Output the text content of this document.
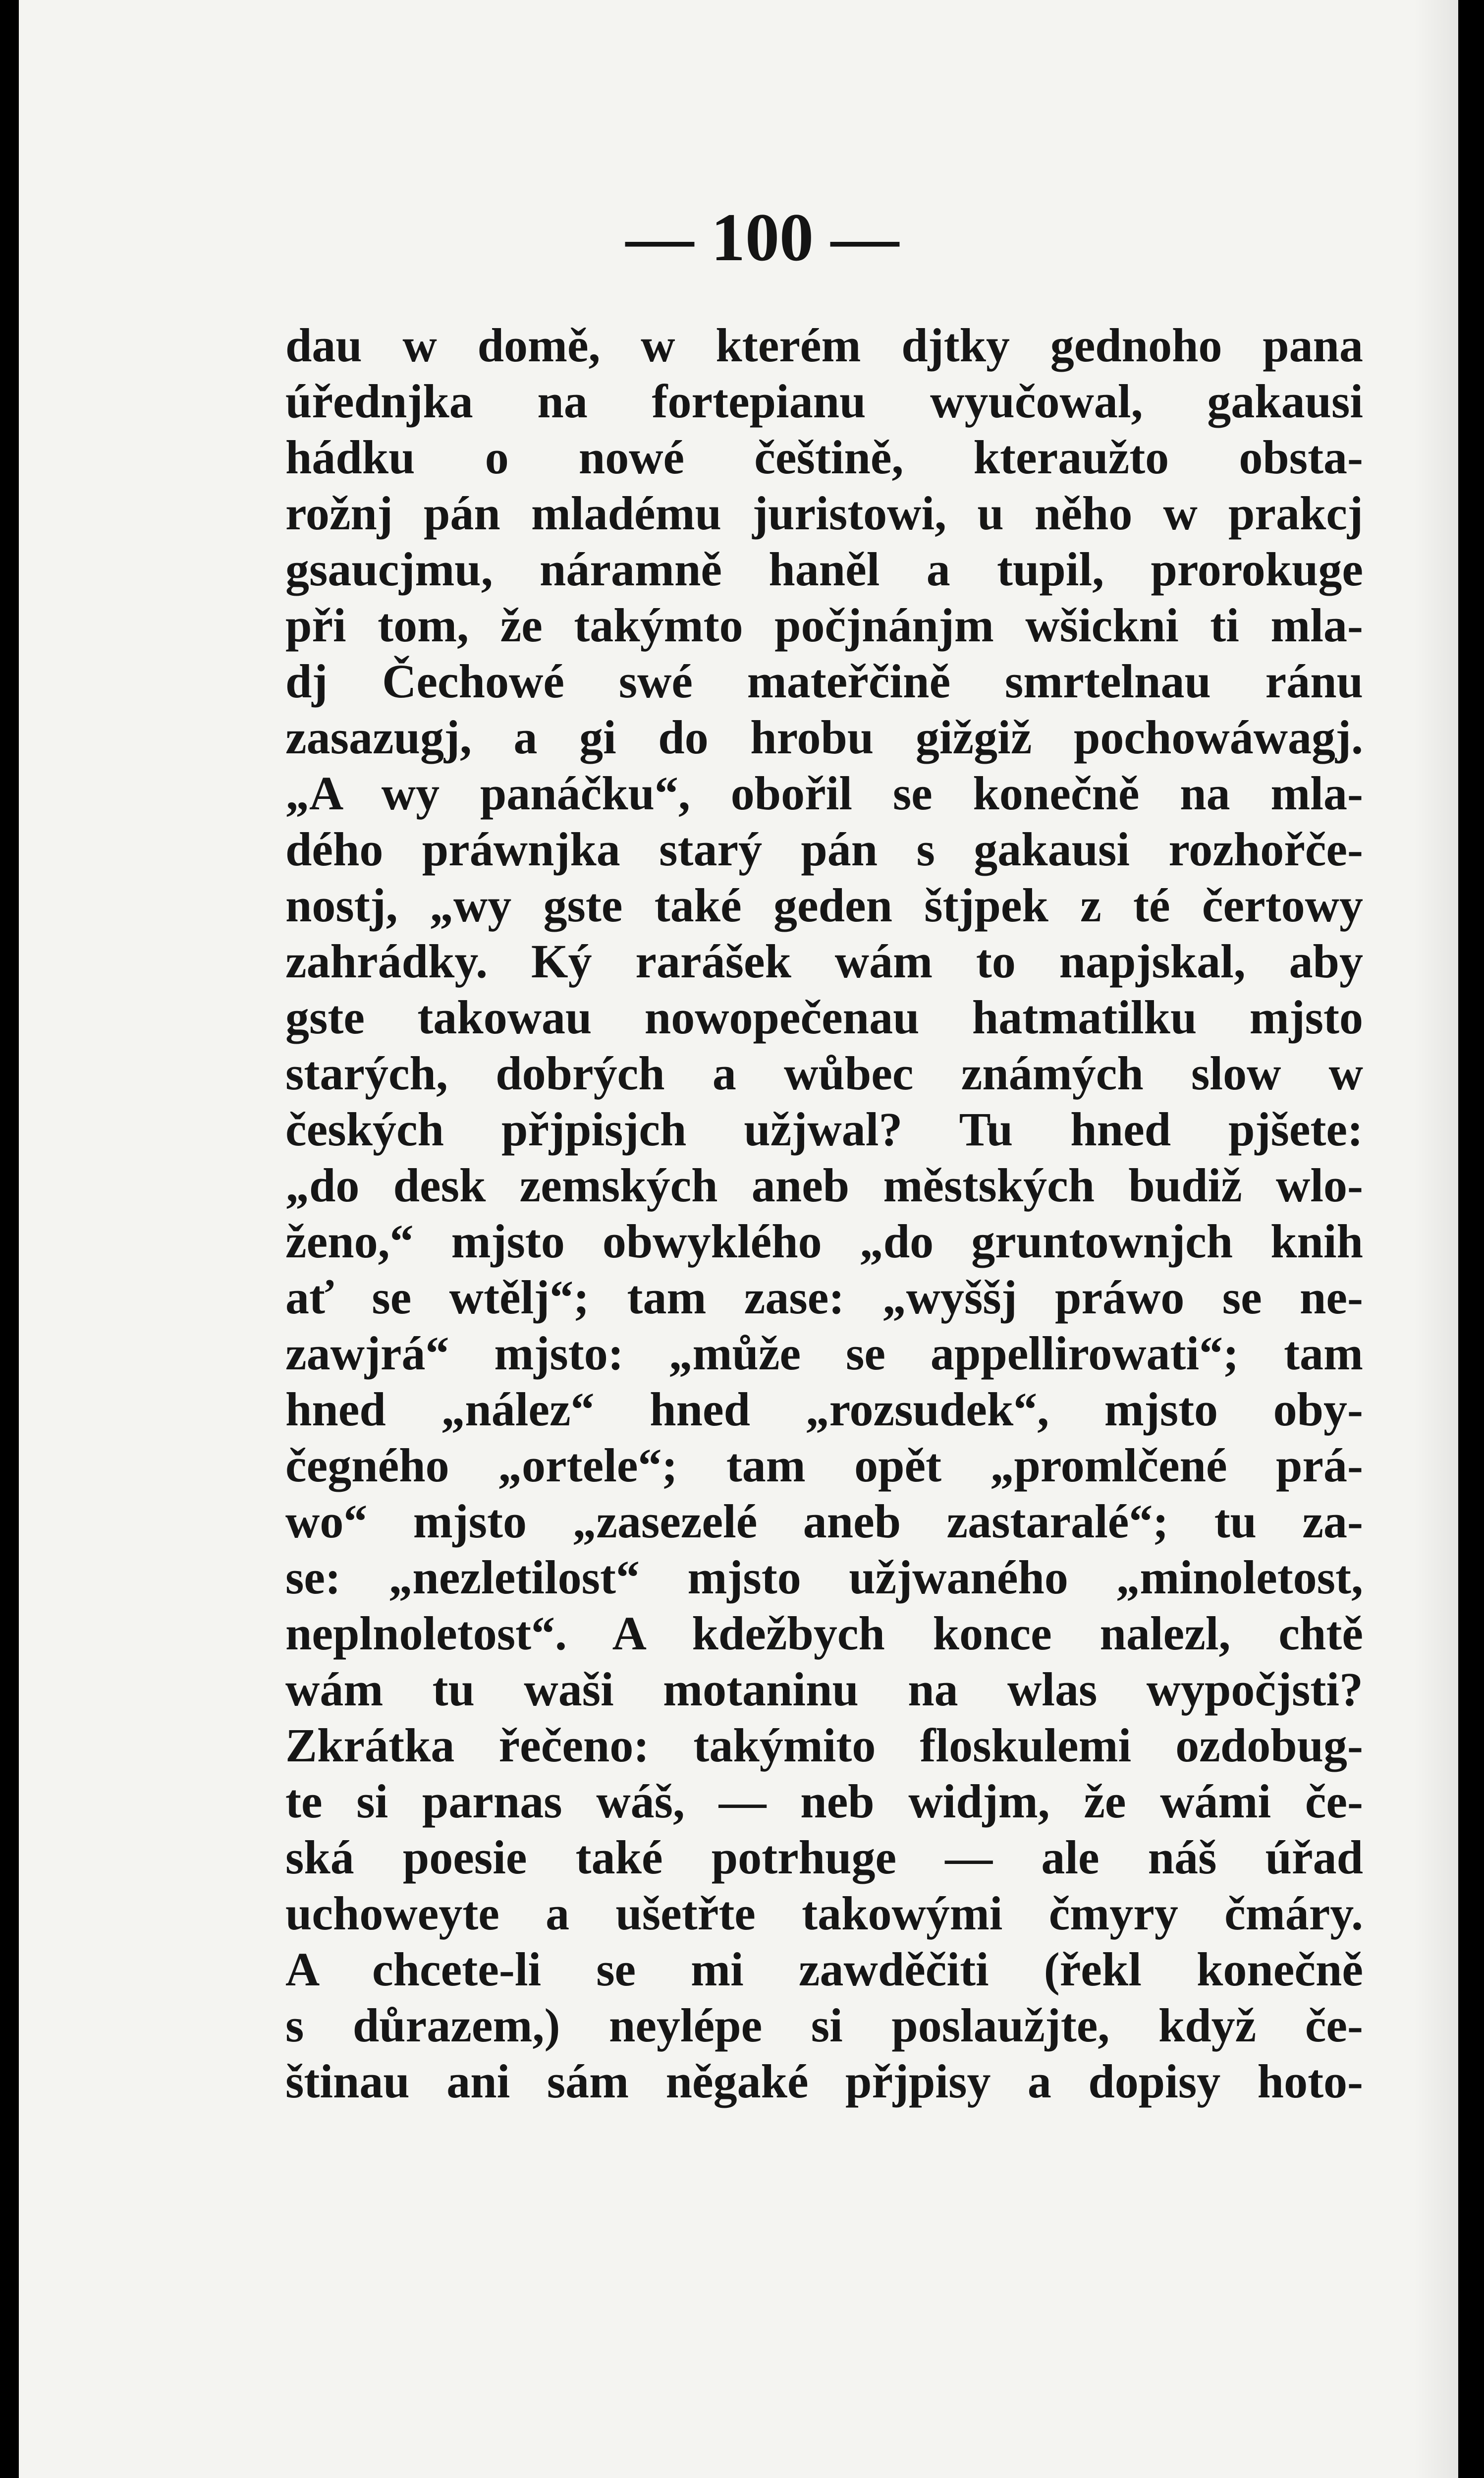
— 100 —
dau w domě, w kterém djtky gednoho pana
úřednjka na fortepianu wyučowal, gakausi
hádku o nowé češtině, kteraužto obsta-
rožnj pán mladému juristowi, u něho w prakcj
gsaucjmu, náramně haněl a tupil, prorokuge
při tom, že takýmto počjnánjm wšickni ti mla-
dj Čechowé swé mateřčině smrtelnau ránu
zasazugj, a gi do hrobu gižgiž pochowáwagj.
„A wy panáčku“, obořil se konečně na mla-
dého práwnjka starý pán s gakausi rozhořče-
nostj, „wy gste také geden štjpek z té čertowy
zahrádky. Ký rarášek wám to napjskal, aby
gste takowau nowopečenau hatmatilku mjsto
starých, dobrých a wůbec známých slow w
českých přjpisjch užjwal? Tu hned pjšete:
„do desk zemských aneb městských budiž wlo-
ženo,“ mjsto obwyklého „do gruntownjch knih
ať se wtělj“; tam zase: „wyššj práwo se ne-
zawjrá“ mjsto: „může se appellirowati“; tam
hned „nález“ hned „rozsudek“, mjsto oby-
čegného „ortele“; tam opět „promlčené prá-
wo“ mjsto „zasezelé aneb zastaralé“; tu za-
se: „nezletilost“ mjsto užjwaného „minoletost,
neplnoletost“. A kdežbych konce nalezl, chtě
wám tu waši motaninu na wlas wypočjsti?
Zkrátka řečeno: takýmito floskulemi ozdobug-
te si parnas wáš, — neb widjm, že wámi če-
ská poesie také potrhuge — ale náš úřad
uchoweyte a ušetřte takowými čmyry čmáry.
A chcete-li se mi zawděčiti (řekl konečně
s důrazem,) neylépe si poslaužjte, když če-
štinau ani sám něgaké přjpisy a dopisy hoto-
